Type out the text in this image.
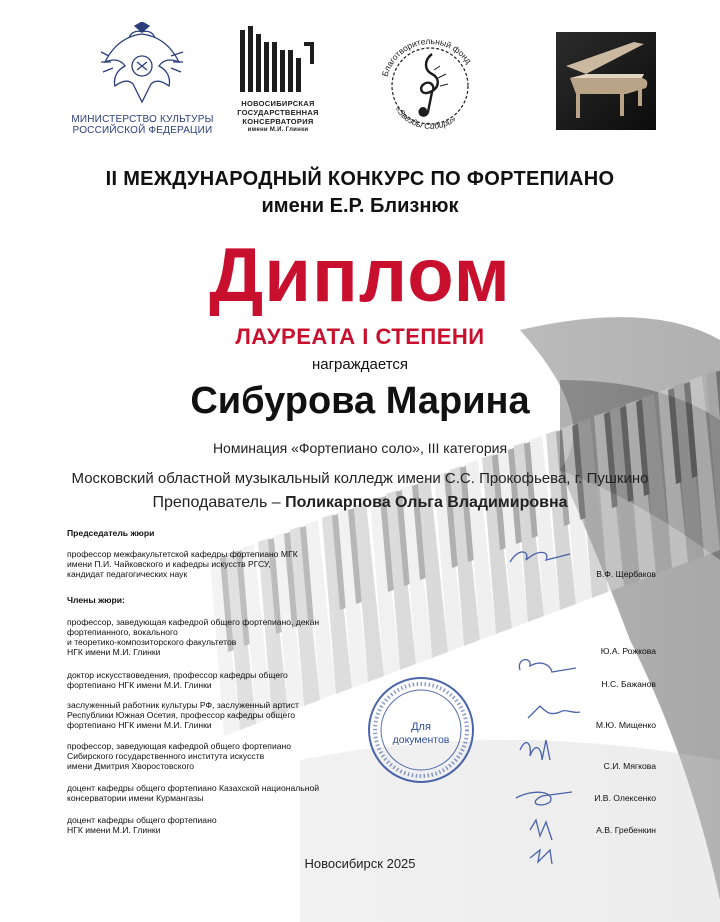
МИНИСТЕРСТВО КУЛЬТУРЫ
РОССИЙСКОЙ ФЕДЕРАЦИИ
НОВОСИБИРСКАЯ
ГОСУДАРСТВЕННАЯ
КОНСЕРВАТОРИЯ
имени М.И. Глинки
Благотворительный фонд
«Звезды Сибири»
II МЕЖДУНАРОДНЫЙ КОНКУРС ПО ФОРТЕПИАНО
имени Е.Р. Близнюк
Диплом
ЛАУРЕАТА I СТЕПЕНИ
награждается
Сибурова Марина
Номинация «Фортепиано соло», III категория
Московский областной музыкальный колледж имени С.С. Прокофьева, г. Пушкино
Преподаватель – Поликарпова Ольга Владимировна
Председатель жюри
профессор межфакультетской кафедры фортепиано МГК
имени П.И. Чайковского и кафедры искусств РГСУ,
кандидат педагогических наук	В.Ф. Щербаков
Члены жюри:
профессор, заведующая кафедрой общего фортепиано, декан
фортепианного, вокального
и теоретико-композиторского факультетов
НГК имени М.И. Глинки	Ю.А. Рожкова
доктор искусствоведения, профессор кафедры общего
фортепиано НГК имени М.И. Глинки	Н.С. Бажанов
заслуженный работник культуры РФ, заслуженный артист
Республики Южная Осетия, профессор кафедры общего
фортепиано НГК имени М.И. Глинки	М.Ю. Мищенко
профессор, заведующая кафедрой общего фортепиано
Сибирского государственного института искусств
имени Дмитрия Хворостовского	С.И. Мягкова
доцент кафедры общего фортепиано Казахской национальной
консерватории имени Курмангазы	И.В. Олексенко
доцент кафедры общего фортепиано
НГК имени М.И. Глинки	А.В. Гребенкин
Для
документов
Новосибирск 2025
